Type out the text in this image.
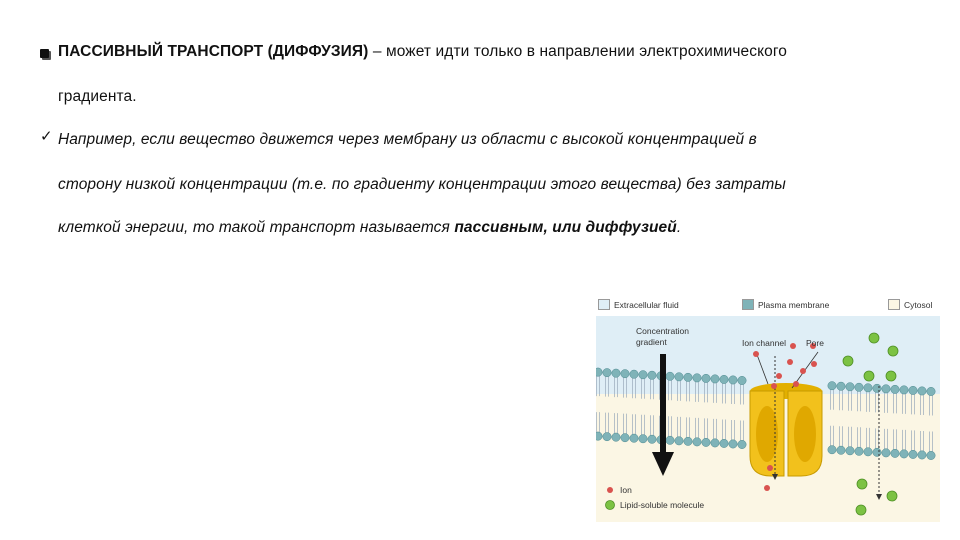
ПАССИВНЫЙ ТРАНСПОРТ (ДИФФУЗИЯ) – может идти только в направлении электрохимического
градиента.
✓ Например, если вещество движется через мембрану из области с высокой концентрацией в
сторону низкой концентрации (т.е. по градиенту концентрации этого вещества) без затраты
клеткой энергии, то такой транспорт называется пассивным, или диффузией.
Extracellular fluid	Plasma membrane	Cytosol
Concentration
gradient	Ion channel Pore
Ion
Lipid-soluble molecule
